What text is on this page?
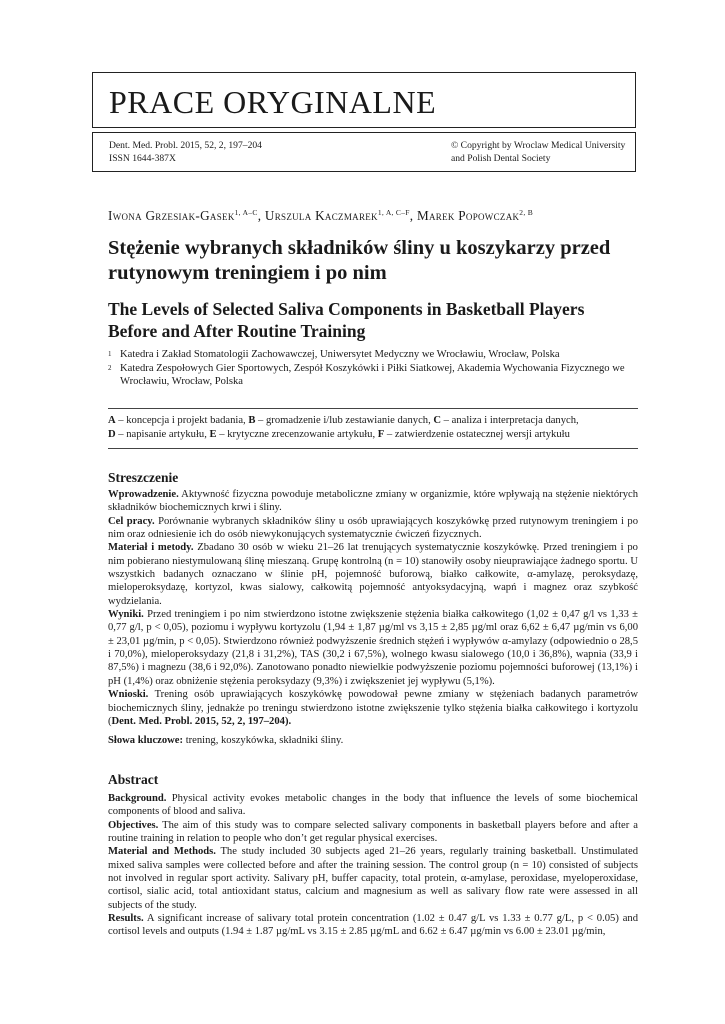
PRACE ORYGINALNE
Dent. Med. Probl. 2015, 52, 2, 197–204
ISSN 1644-387X
© Copyright by Wroclaw Medical University
and Polish Dental Society
Iwona Grzesiak-Gasek$^{1, A-C}$, Urszula Kaczmarek$^{1, A, C-F}$, Marek Popowczak$^{2, B}$
Stężenie wybranych składników śliny u koszykarzy przed rutynowym treningiem i po nim
The Levels of Selected Saliva Components in Basketball Players Before and After Routine Training
1 Katedra i Zakład Stomatologii Zachowawczej, Uniwersytet Medyczny we Wrocławiu, Wrocław, Polska
2 Katedra Zespołowych Gier Sportowych, Zespół Koszykówki i Piłki Siatkowej, Akademia Wychowania Fizycznego we Wrocławiu, Wrocław, Polska
A – koncepcja i projekt badania, B – gromadzenie i/lub zestawianie danych, C – analiza i interpretacja danych,
D – napisanie artykułu, E – krytyczne zrecenzowanie artykułu, F – zatwierdzenie ostatecznej wersji artykułu
Streszczenie

Wprowadzenie. Aktywność fizyczna powoduje metaboliczne zmiany w organizmie, które wpływają na stężenie niektórych składników biochemicznych krwi i śliny.

Cel pracy. Porównanie wybranych składników śliny u osób uprawiających koszykówkę przed rutynowym treningiem i po nim oraz odniesienie ich do osób niewykonujących systematycznie ćwiczeń fizycznych.

Materiał i metody. Zbadano 30 osób w wieku 21–26 lat trenujących systematycznie koszykówkę. Przed treningiem i po nim pobierano niestymulowaną ślinę mieszaną. Grupę kontrolną (n = 10) stanowiły osoby nieuprawiające żadnego sportu. U wszystkich badanych oznaczano w ślinie pH, pojemność buforową, białko całkowite, α-amylazę, peroksydazę, mieloperoksydazę, kortyzol, kwas sialowy, całkowitą pojemność antyoksydacyjną, wapń i magnez oraz szybkość wydzielania.

Wyniki. Przed treningiem i po nim stwierdzono istotne zwiększenie stężenia białka całkowitego (1,02 ± 0,47 g/l vs 1,33 ± 0,77 g/l, p < 0,05), poziomu i wypływu kortyzolu (1,94 ± 1,87 µg/ml vs 3,15 ± 2,85 µg/ml oraz 6,62 ± 6,47 µg/min vs 6,00 ± 23,01 µg/min, p < 0,05). Stwierdzono również podwyższenie średnich stężeń i wypływów α-amylazy (odpowiednio o 28,5 i 70,0%), mieloperoksydazy (21,8 i 31,2%), TAS (30,2 i 67,5%), wolnego kwasu sialowego (10,0 i 36,8%), wapnia (33,9 i 87,5%) i magnezu (38,6 i 92,0%). Zanotowano ponadto niewielkie podwyższenie poziomu pojemności buforowej (13,1%) i pH (1,4%) oraz obniżenie stężenia peroksydazy (9,3%) i zwiększeniet jej wypływu (5,1%).

Wnioski. Trening osób uprawiających koszykówkę powodował pewne zmiany w stężeniach badanych parametrów biochemicznych śliny, jednakże po treningu stwierdzono istotne zwiększenie tylko stężenia białka całkowitego i kortyzolu (Dent. Med. Probl. 2015, 52, 2, 197–204).

Słowa kluczowe: trening, koszykówka, składniki śliny.

Abstract

Background. Physical activity evokes metabolic changes in the body that influence the levels of some biochemical components of blood and saliva.

Objectives. The aim of this study was to compare selected salivary components in basketball players before and after a routine training in relation to people who don’t get regular physical exercises.

Material and Methods. The study included 30 subjects aged 21–26 years, regularly training basketball. Unstimulated mixed saliva samples were collected before and after the training session. The control group (n = 10) consisted of subjects not involved in regular sport activity. Salivary pH, buffer capacity, total protein, α-amylase, peroxidase, myeloperoxidase, cortisol, sialic acid, total antioxidant status, calcium and magnesium as well as salivary flow rate were assessed in all subjects of the study.

Results. A significant increase of salivary total protein concentration (1.02 ± 0.47 g/L vs 1.33 ± 0.77 g/L, p < 0.05) and cortisol levels and outputs (1.94 ± 1.87 µg/mL vs 3.15 ± 2.85 µg/mL and 6.62 ± 6.47 µg/min vs 6.00 ± 23.01 µg/min,
